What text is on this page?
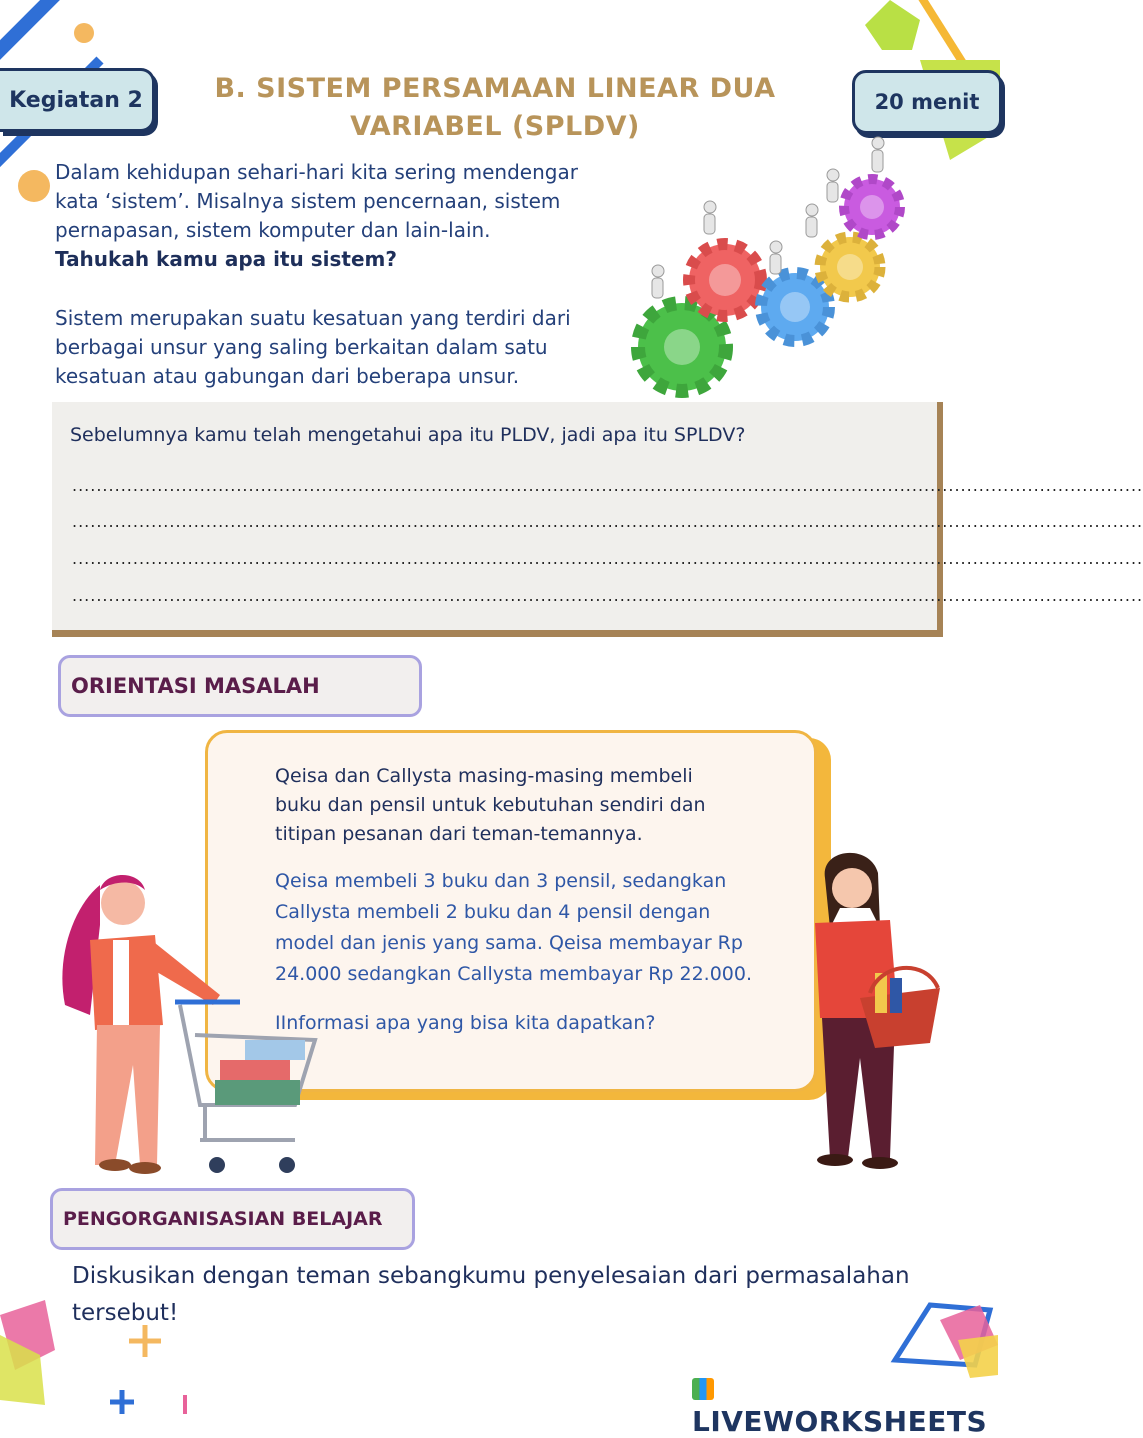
Kegiatan 2	B. SISTEM PERSAMAAN LINEAR DUA VARIABEL (SPLDV)
20 menit
Dalam kehidupan sehari-hari kita sering mendengar
kata ‘sistem’. Misalnya sistem pencernaan, sistem
pernapasan, sistem komputer dan lain-lain.
Tahukah kamu apa itu sistem?
Sistem merupakan suatu kesatuan yang terdiri dari
berbagai unsur yang saling berkaitan dalam satu
kesatuan atau gabungan dari beberapa unsur.
Sebelumnya kamu telah mengetahui apa itu PLDV, jadi apa itu SPLDV?
................................................................................................................................................................................
................................................................................................................................................................................
................................................................................................................................................................................
................................................................................................................................................................................
ORIENTASI MASALAH
Qeisa dan Callysta masing-masing membeli
buku dan pensil untuk kebutuhan sendiri dan
titipan pesanan dari teman-temannya.
Qeisa membeli 3 buku dan 3 pensil, sedangkan
Callysta membeli 2 buku dan 4 pensil dengan
model dan jenis yang sama. Qeisa membayar Rp
24.000 sedangkan Callysta membayar Rp 22.000.
IInformasi apa yang bisa kita dapatkan?
PENGORGANISASIAN BELAJAR
Diskusikan dengan teman sebangkumu penyelesaian dari permasalahan tersebut!
LIVEWORKSHEETS
